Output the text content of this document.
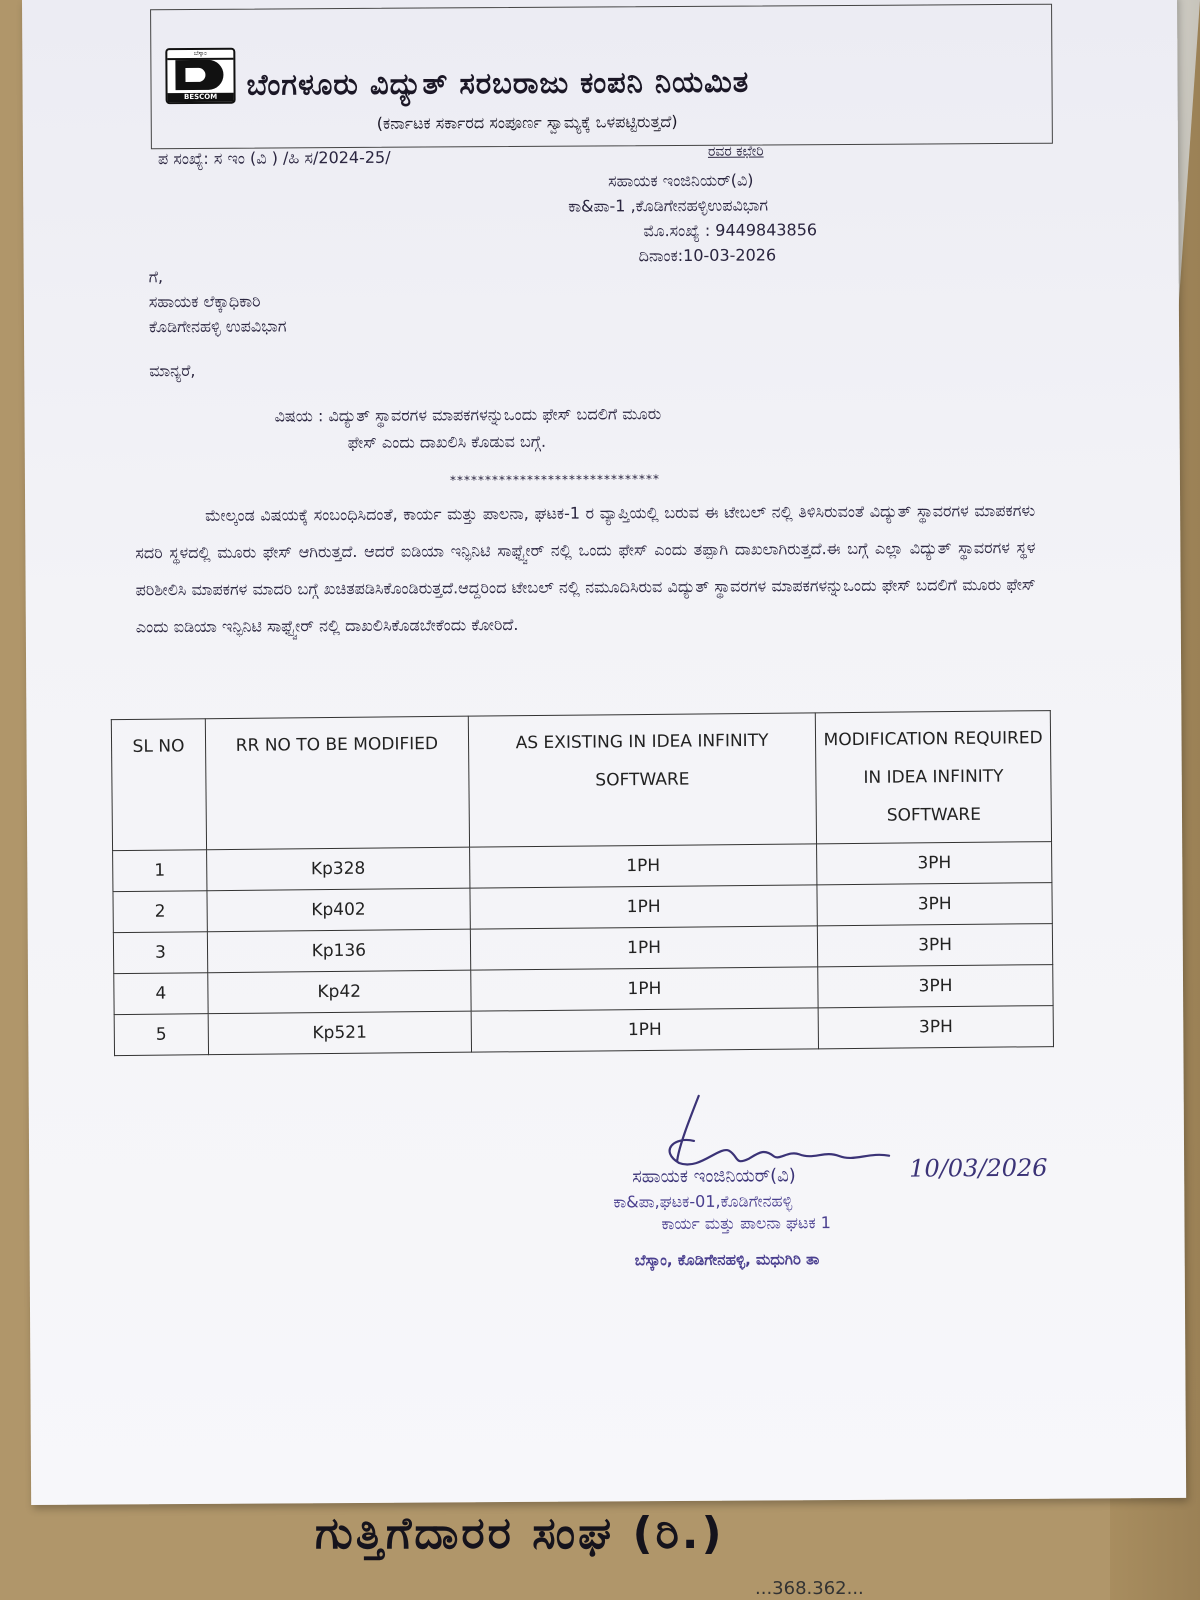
ಬೆಸ್ಕಾಂ
BESCOM	ಬೆಂಗಳೂರು ವಿದ್ಯುತ್ ಸರಬರಾಜು ಕಂಪನಿ ನಿಯಮಿತ
(ಕರ್ನಾಟಕ ಸರ್ಕಾರದ ಸಂಪೂರ್ಣ ಸ್ವಾಮ್ಯಕ್ಕೆ ಒಳಪಟ್ಟಿರುತ್ತದೆ)
ಪ ಸಂಖ್ಯೆ: ಸ ಇಂ (ವಿ ) /ಹಿ ಸ/2024-25/	ರವರ ಕಛೇರಿ
ಸಹಾಯಕ ಇಂಜಿನಿಯರ್(ವಿ)
ಕಾ&ಪಾ-1 ,ಕೊಡಿಗೇನಹಳ್ಳಿಉಪವಿಭಾಗ
ಮೊ.ಸಂಖ್ಯೆ : 9449843856
ದಿನಾಂಕ:10-03-2026
ಗೆ,
ಸಹಾಯಕ ಲೆಕ್ಕಾಧಿಕಾರಿ
ಕೊಡಿಗೇನಹಳ್ಳಿ ಉಪವಿಭಾಗ
ಮಾನ್ಯರೆ,
ವಿಷಯ : ವಿದ್ಯುತ್ ಸ್ಥಾವರಗಳ ಮಾಪಕಗಳನ್ನುಒಂದು ಫೇಸ್ ಬದಲಿಗೆ ಮೂರು
ಫೇಸ್ ಎಂದು ದಾಖಲಿಸಿ ಕೊಡುವ ಬಗ್ಗೆ.
******************************
ಮೇಲ್ಕಂಡ ವಿಷಯಕ್ಕೆ ಸಂಬಂಧಿಸಿದಂತೆ, ಕಾರ್ಯ ಮತ್ತು ಪಾಲನಾ, ಘಟಕ-1 ರ ವ್ಯಾಪ್ತಿಯಲ್ಲಿ ಬರುವ ಈ ಟೇಬಲ್ ನಲ್ಲಿ ತಿಳಿಸಿರುವಂತೆ ವಿದ್ಯುತ್ ಸ್ಥಾವರಗಳ ಮಾಪಕಗಳು ಸದರಿ ಸ್ಥಳದಲ್ಲಿ ಮೂರು ಫೇಸ್ ಆಗಿರುತ್ತದೆ. ಆದರೆ ಐಡಿಯಾ ಇನ್ಫಿನಿಟಿ ಸಾಫ್ಟ್ವೇರ್ ನಲ್ಲಿ ಒಂದು ಫೇಸ್ ಎಂದು ತಪ್ಪಾಗಿ ದಾಖಲಾಗಿರುತ್ತದೆ.ಈ ಬಗ್ಗೆ ಎಲ್ಲಾ ವಿದ್ಯುತ್ ಸ್ಥಾವರಗಳ ಸ್ಥಳ ಪರಿಶೀಲಿಸಿ ಮಾಪಕಗಳ ಮಾದರಿ ಬಗ್ಗೆ ಖಚಿತಪಡಿಸಿಕೊಂಡಿರುತ್ತದೆ.ಆದ್ದರಿಂದ ಟೇಬಲ್ ನಲ್ಲಿ ನಮೂದಿಸಿರುವ ವಿದ್ಯುತ್ ಸ್ಥಾವರಗಳ ಮಾಪಕಗಳನ್ನುಒಂದು ಫೇಸ್ ಬದಲಿಗೆ ಮೂರು ಫೇಸ್ ಎಂದು ಐಡಿಯಾ ಇನ್ಫಿನಿಟಿ ಸಾಫ್ಟ್ವೇರ್ ನಲ್ಲಿ ದಾಖಲಿಸಿಕೊಡಬೇಕೆಂದು ಕೋರಿದೆ.
SL NO	RR NO TO BE MODIFIED	AS EXISTING IN IDEA INFINITY SOFTWARE	MODIFICATION REQUIRED IN IDEA INFINITY SOFTWARE
1	Kp328	1PH	3PH
2	Kp402	1PH	3PH
3	Kp136	1PH	3PH
4	Kp42	1PH	3PH
5	Kp521	1PH	3PH
10/03/2026
ಸಹಾಯಕ ಇಂಜಿನಿಯರ್(ವಿ)
ಕಾ&ಪಾ,ಘಟಕ-01,ಕೊಡಿಗೇನಹಳ್ಳಿ
ಕಾರ್ಯ ಮತ್ತು ಪಾಲನಾ ಘಟಕ 1
ಬೆಸ್ಕಾಂ, ಕೊಡಿಗೇನಹಳ್ಳಿ, ಮಧುಗಿರಿ ತಾ
ಗುತ್ತಿಗೆದಾರರ ಸಂಘ (ರಿ.)
...368.362...
